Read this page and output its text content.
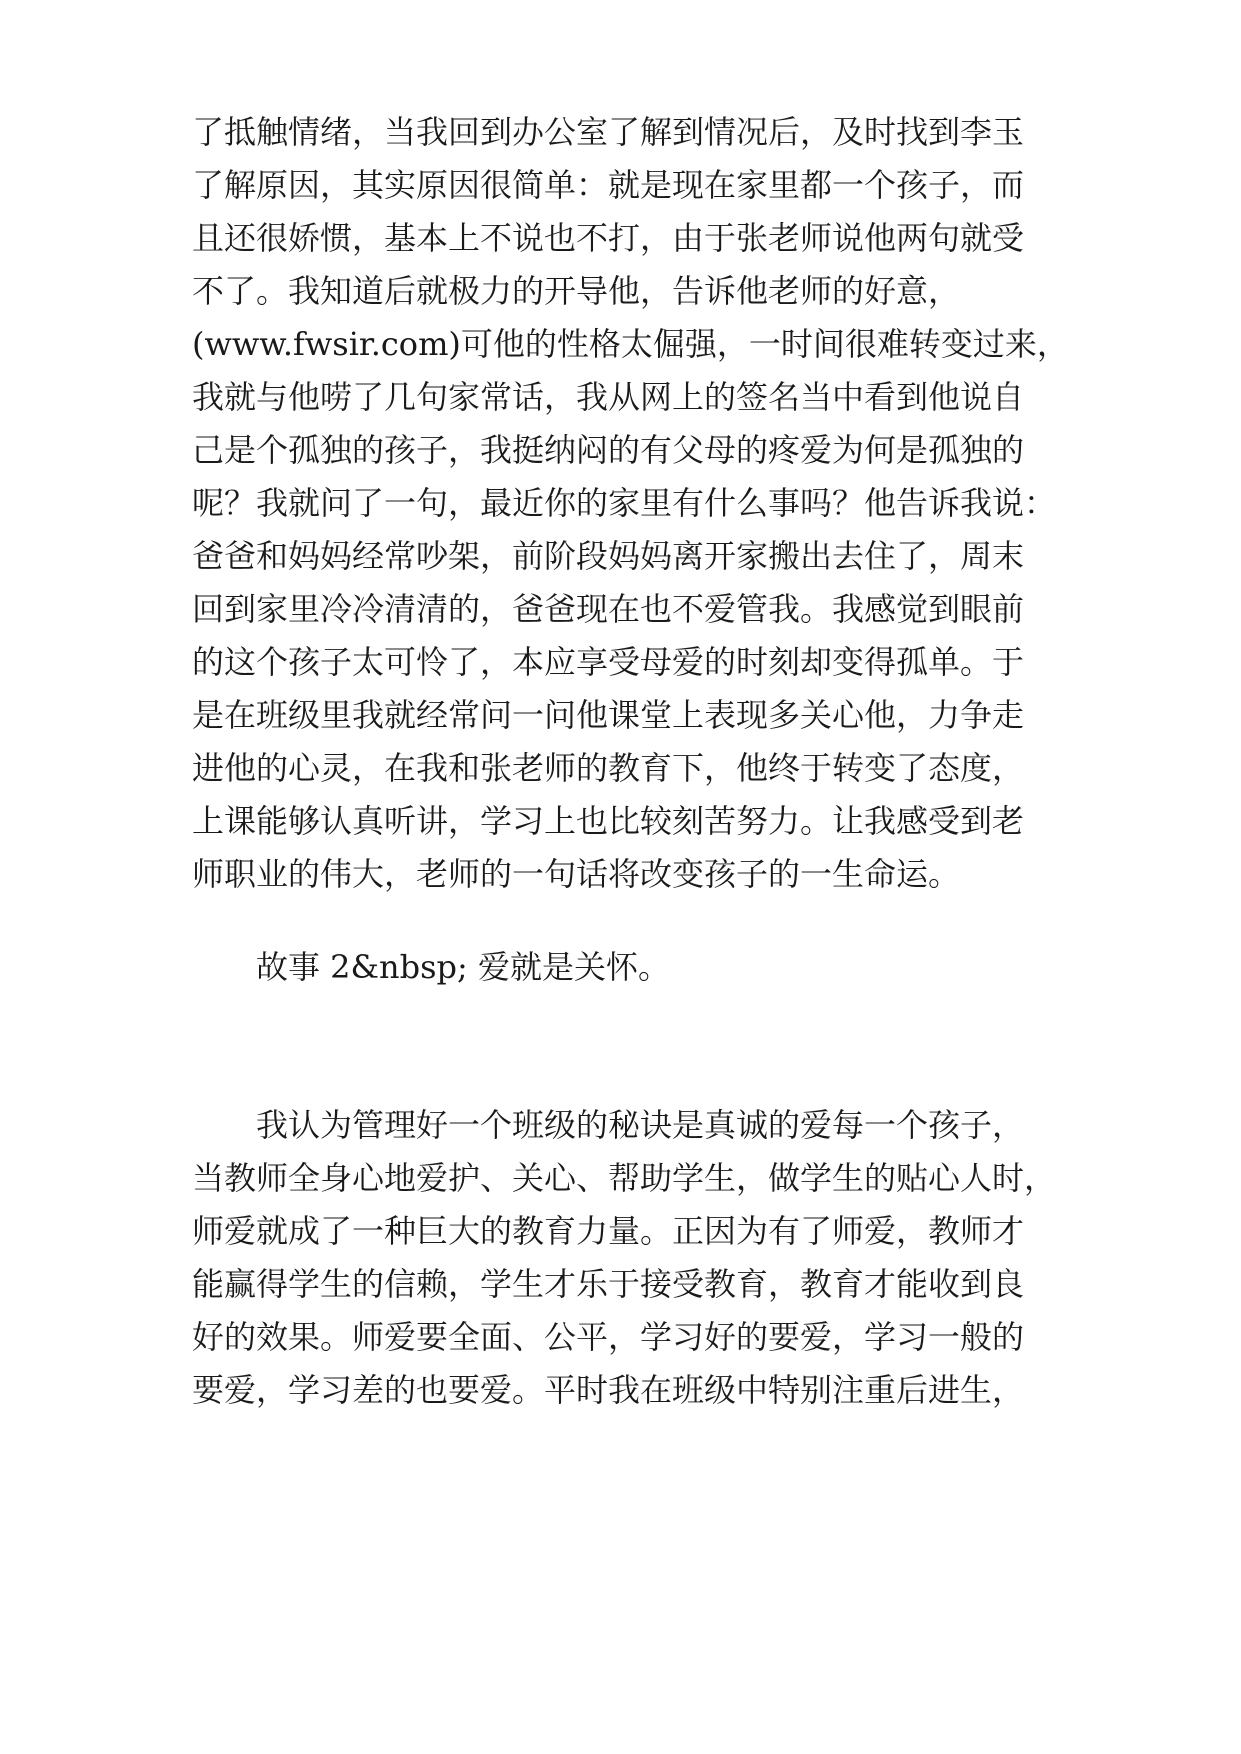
了抵触情绪，当我回到办公室了解到情况后，及时找到李玉
了解原因，其实原因很简单：就是现在家里都一个孩子，而
且还很娇惯，基本上不说也不打，由于张老师说他两句就受
不了。我知道后就极力的开导他，告诉他老师的好意，
(www.fwsir.com)可他的性格太倔强，一时间很难转变过来，
我就与他唠了几句家常话，我从网上的签名当中看到他说自
己是个孤独的孩子，我挺纳闷的有父母的疼爱为何是孤独的
呢？我就问了一句，最近你的家里有什么事吗？他告诉我说：
爸爸和妈妈经常吵架，前阶段妈妈离开家搬出去住了，周末
回到家里冷冷清清的，爸爸现在也不爱管我。我感觉到眼前
的这个孩子太可怜了，本应享受母爱的时刻却变得孤单。于
是在班级里我就经常问一问他课堂上表现多关心他，力争走
进他的心灵，在我和张老师的教育下，他终于转变了态度，
上课能够认真听讲，学习上也比较刻苦努力。让我感受到老
师职业的伟大，老师的一句话将改变孩子的一生命运。
故事 2&nbsp; 爱就是关怀。
我认为管理好一个班级的秘诀是真诚的爱每一个孩子，
当教师全身心地爱护、关心、帮助学生，做学生的贴心人时，
师爱就成了一种巨大的教育力量。正因为有了师爱，教师才
能赢得学生的信赖，学生才乐于接受教育，教育才能收到良
好的效果。师爱要全面、公平，学习好的要爱，学习一般的
要爱，学习差的也要爱。平时我在班级中特别注重后进生，
